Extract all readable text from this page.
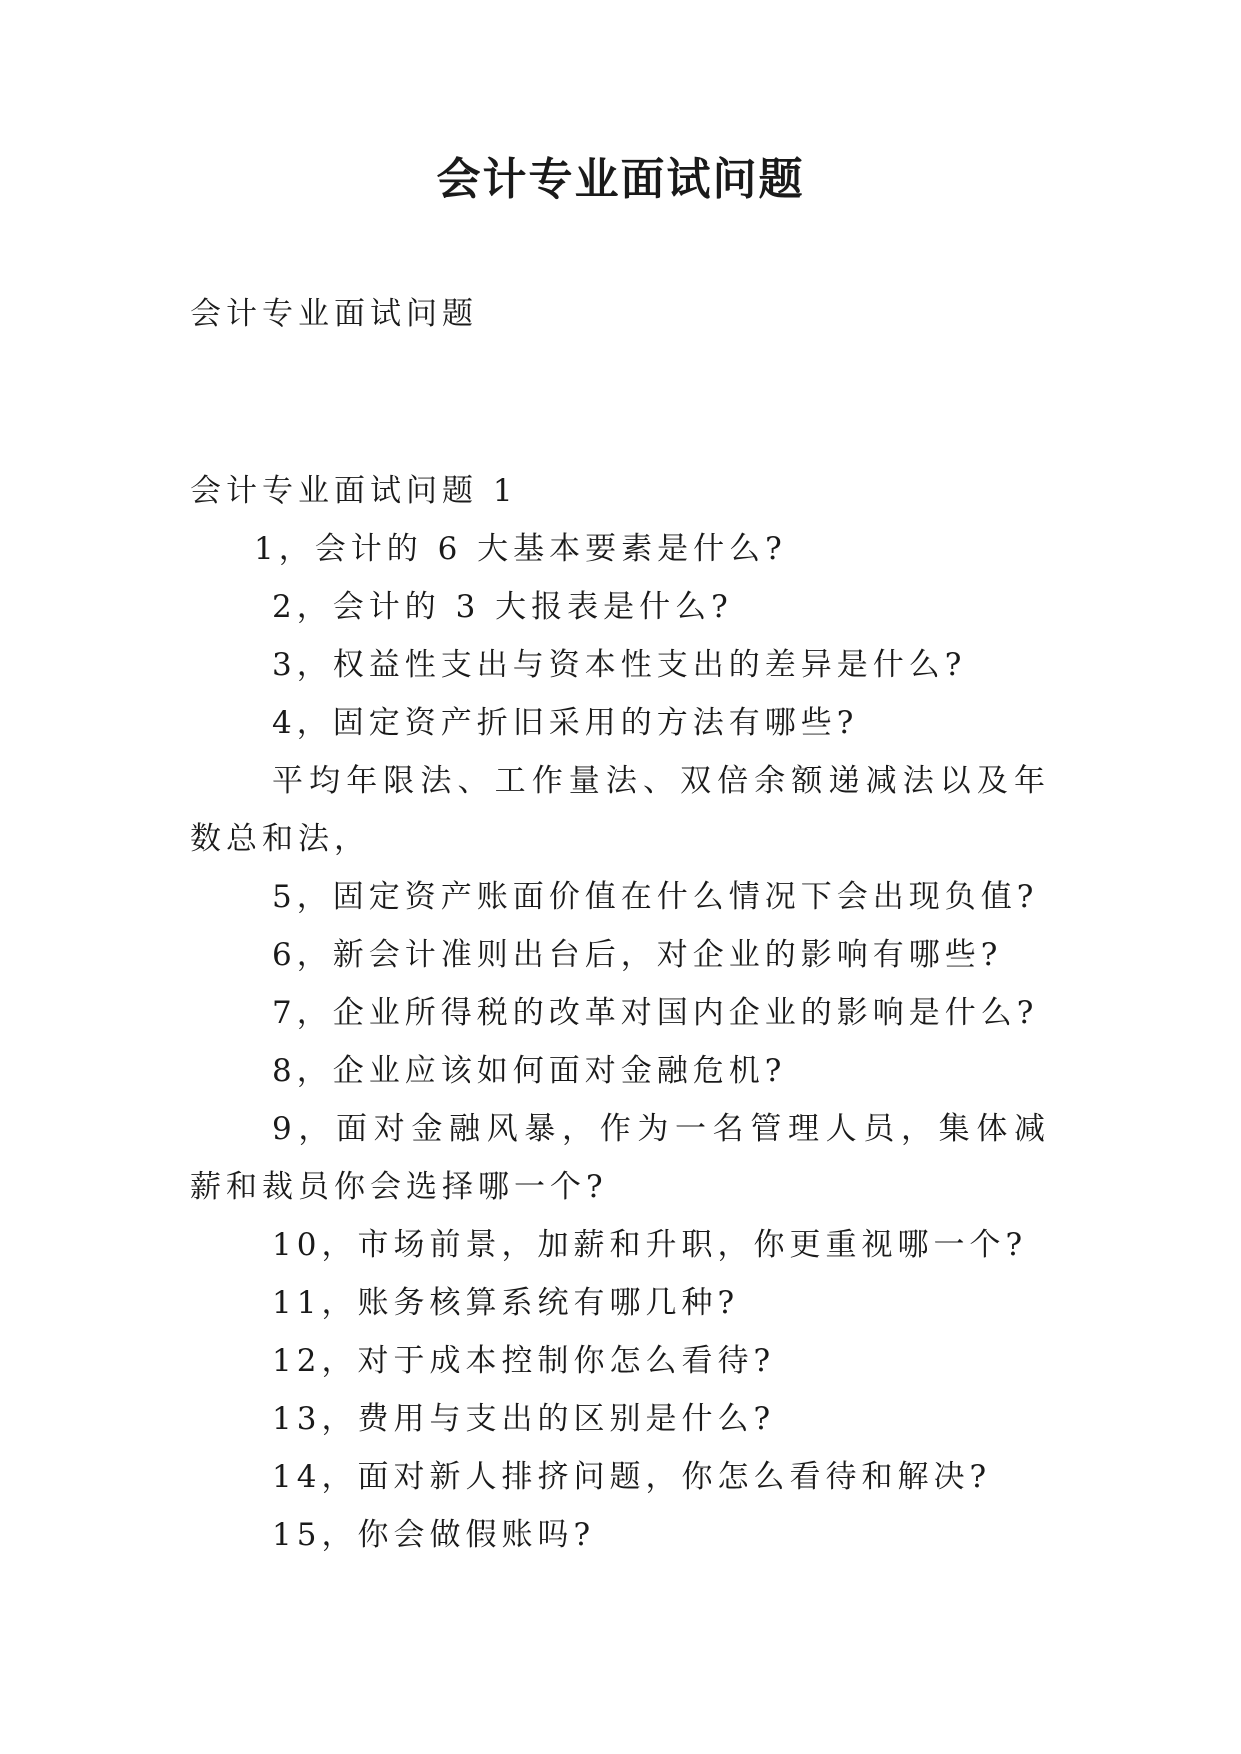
会计专业面试问题

会计专业面试问题

会计专业面试问题 1

1，会计的 6 大基本要素是什么?
2，会计的 3 大报表是什么?
3，权益性支出与资本性支出的差异是什么?
4，固定资产折旧采用的方法有哪些?
平均年限法、工作量法、双倍余额递减法以及年数总和法，
5，固定资产账面价值在什么情况下会出现负值?
6，新会计准则出台后，对企业的影响有哪些?
7，企业所得税的改革对国内企业的影响是什么?
8，企业应该如何面对金融危机?
9，面对金融风暴，作为一名管理人员，集体减薪和裁员你会选择哪一个?
10，市场前景，加薪和升职，你更重视哪一个?
11，账务核算系统有哪几种?
12，对于成本控制你怎么看待?
13，费用与支出的区别是什么?
14，面对新人排挤问题，你怎么看待和解决?
15，你会做假账吗?
